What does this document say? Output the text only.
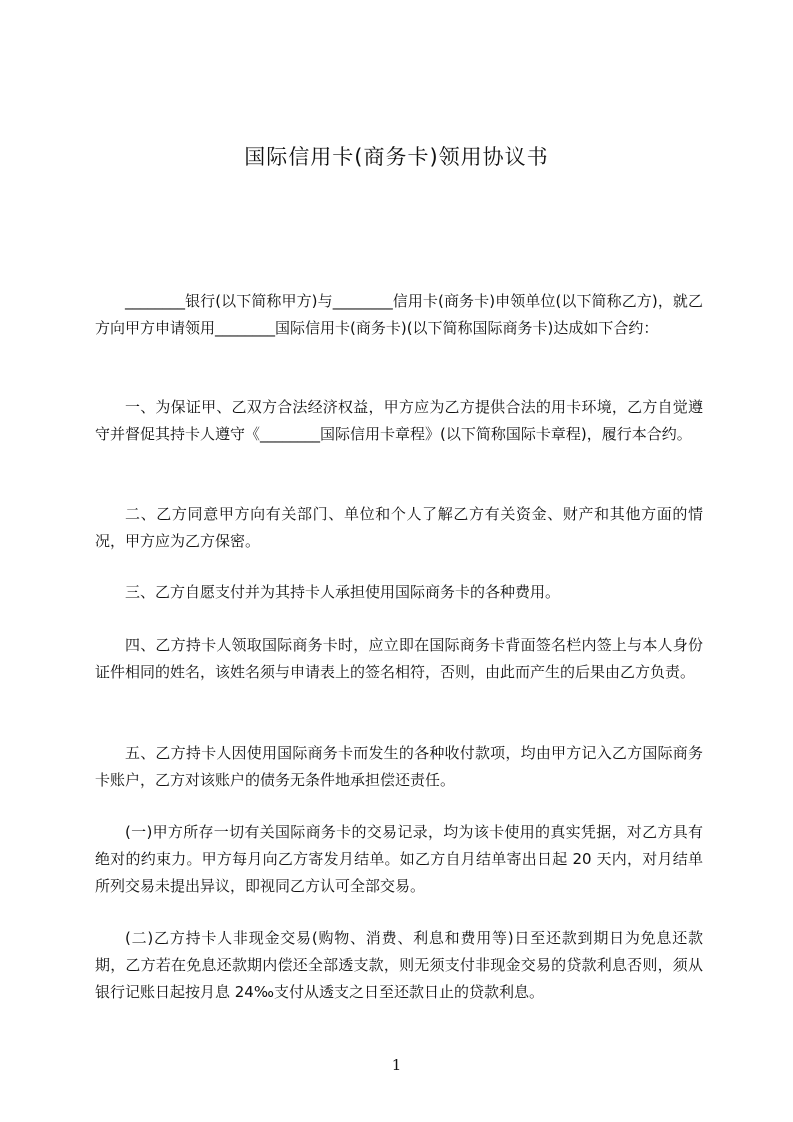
国际信用卡(商务卡)领用协议书

________银行(以下简称甲方)与________信用卡(商务卡)申领单位(以下简称乙方)，就乙方向甲方申请领用________国际信用卡(商务卡)(以下简称国际商务卡)达成如下合约：

一、为保证甲、乙双方合法经济权益，甲方应为乙方提供合法的用卡环境，乙方自觉遵守并督促其持卡人遵守《________国际信用卡章程》(以下简称国际卡章程)，履行本合约。

二、乙方同意甲方向有关部门、单位和个人了解乙方有关资金、财产和其他方面的情况，甲方应为乙方保密。

三、乙方自愿支付并为其持卡人承担使用国际商务卡的各种费用。

四、乙方持卡人领取国际商务卡时，应立即在国际商务卡背面签名栏内签上与本人身份证件相同的姓名，该姓名须与申请表上的签名相符，否则，由此而产生的后果由乙方负责。

五、乙方持卡人因使用国际商务卡而发生的各种收付款项，均由甲方记入乙方国际商务卡账户，乙方对该账户的债务无条件地承担偿还责任。

(一)甲方所存一切有关国际商务卡的交易记录，均为该卡使用的真实凭据，对乙方具有绝对的约束力。甲方每月向乙方寄发月结单。如乙方自月结单寄出日起 20 天内，对月结单所列交易未提出异议，即视同乙方认可全部交易。

(二)乙方持卡人非现金交易(购物、消费、利息和费用等)日至还款到期日为免息还款期，乙方若在免息还款期内偿还全部透支款，则无须支付非现金交易的贷款利息否则，须从银行记账日起按月息 24‰支付从透支之日至还款日止的贷款利息。

1
